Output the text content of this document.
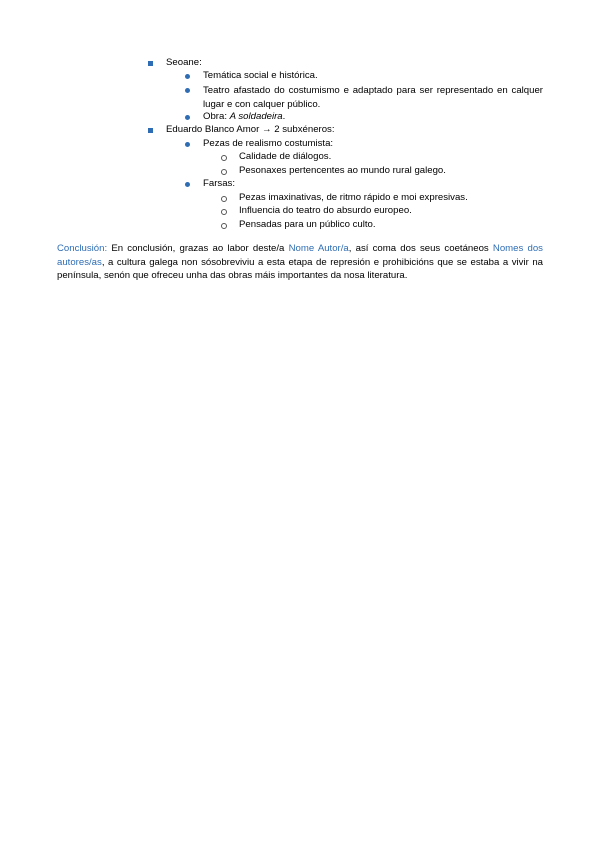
Seoane:
Temática social e histórica.
Teatro afastado do costumismo e adaptado para ser representado en calquer lugar e con calquer público.
Obra: A soldadeira.
Eduardo Blanco Amor → 2 subxéneros:
Pezas de realismo costumista:
Calidade de diálogos.
Pesonaxes pertencentes ao mundo rural galego.
Farsas:
Pezas imaxinativas, de ritmo rápido e moi expresivas.
Influencia do teatro do absurdo europeo.
Pensadas para un público culto.
Conclusión: En conclusión, grazas ao labor deste/a Nome Autor/a, así coma dos seus coetáneos Nomes dos autores/as, a cultura galega non sósobreviviu a esta etapa de represión e prohibicións que se estaba a vivir na península, senón que ofreceu unha das obras máis importantes da nosa literatura.
